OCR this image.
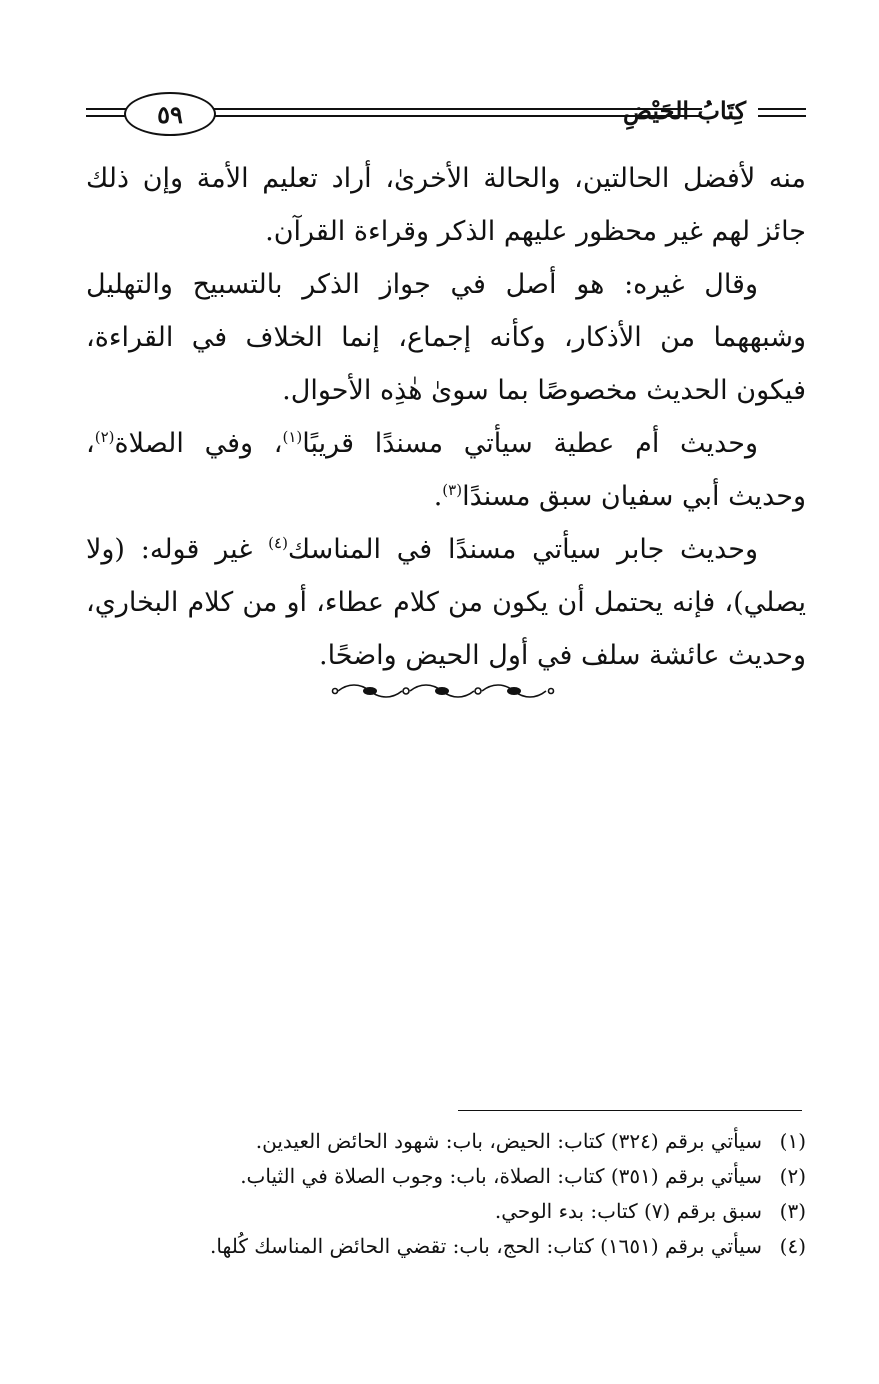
٥٩	كِتَابُ الحَيْضِ

منه لأفضل الحالتين، والحالة الأخرىٰ، أراد تعليم الأمة وإن ذلك جائز لهم غير محظور عليهم الذكر وقراءة القرآن.

وقال غيره: هو أصل في جواز الذكر بالتسبيح والتهليل وشبههما من الأذكار، وكأنه إجماع، إنما الخلاف في القراءة، فيكون الحديث مخصوصًا بما سوىٰ هٰذِه الأحوال.

وحديث أم عطية سيأتي مسندًا قريبًا$^{(١)}$، وفي الصلاة$^{(٢)}$، وحديث أبي سفيان سبق مسندًا$^{(٣)}$.

وحديث جابر سيأتي مسندًا في المناسك$^{(٤)}$ غير قوله: (ولا يصلي)، فإنه يحتمل أن يكون من كلام عطاء، أو من كلام البخاري، وحديث عائشة سلف في أول الحيض واضحًا.

(١)
سيأتي برقم (٣٢٤) كتاب: الحيض، باب: شهود الحائض العيدين.
(٢)
سيأتي برقم (٣٥١) كتاب: الصلاة، باب: وجوب الصلاة في الثياب.
(٣)
سبق برقم (٧) كتاب: بدء الوحي.
(٤)
سيأتي برقم (١٦٥١) كتاب: الحج، باب: تقضي الحائض المناسك كُلها.
